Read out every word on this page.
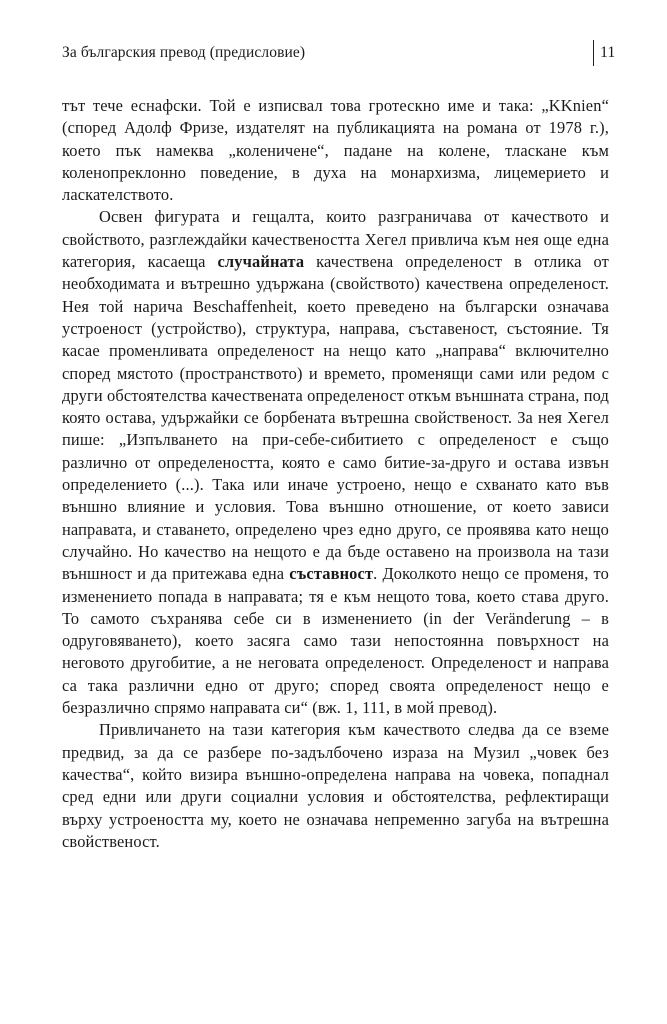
За българския превод (предисловие)	11

тът тече еснафски. Той е изписвал това гротескно име и така: „KKnien“ (според Адолф Фризе, издателят на публикацията на романа от 1978 г.), което пък намеква „коленичене“, падане на колене, тласкане към коленопреклонно поведение, в духа на монархизма, лицемерието и ласкателството.

Освен фигурата и гещалта, които разграничава от качеството и свойството, разглеждайки качествеността Хегел привлича към нея още една категория, касаеща случайната качествена определеност в отлика от необходимата и вътрешно удържана (свойството) качествена определеност. Нея той нарича Beschaffenheit, което преведено на български означава устроеност (устройство), структура, направа, съставеност, състояние. Тя касае променливата определеност на нещо като „направа“ включително според мястото (пространството) и времето, променящи сами или редом с други обстоятелства качествената определеност откъм външната страна, под която остава, удържайки се борбената вътрешна свойственост. За нея Хегел пише: „Изпълването на при-себе-сибитието с определеност е също различно от определеността, която е само битие-за-друго и остава извън определението (...). Така или иначе устроено, нещо е схванато като във външно влияние и условия. Това външно отношение, от което зависи направата, и ставането, определено чрез едно друго, се проявява като нещо случайно. Но качество на нещото е да бъде оставено на произвола на тази външност и да притежава една съставност. Доколкото нещо се променя, то изменението попада в направата; тя е към нещото това, което става друго. То самото съхранява себе си в изменението (in der Veränderung – в одруговяването), което засяга само тази непостоянна повърхност на неговото другобитие, а не неговата определеност. Определеност и направа са така различни едно от друго; според своята определеност нещо е безразлично спрямо направата си“ (вж. 1, 111, в мой превод).

Привличането на тази категория към качеството следва да се вземе предвид, за да се разбере по-задълбочено израза на Музил „човек без качества“, който визира външно-определена направа на човека, попаднал сред едни или други социални условия и обстоятелства, рефлектиращи върху устроеността му, което не означава непременно загуба на вътрешна свойственост.
